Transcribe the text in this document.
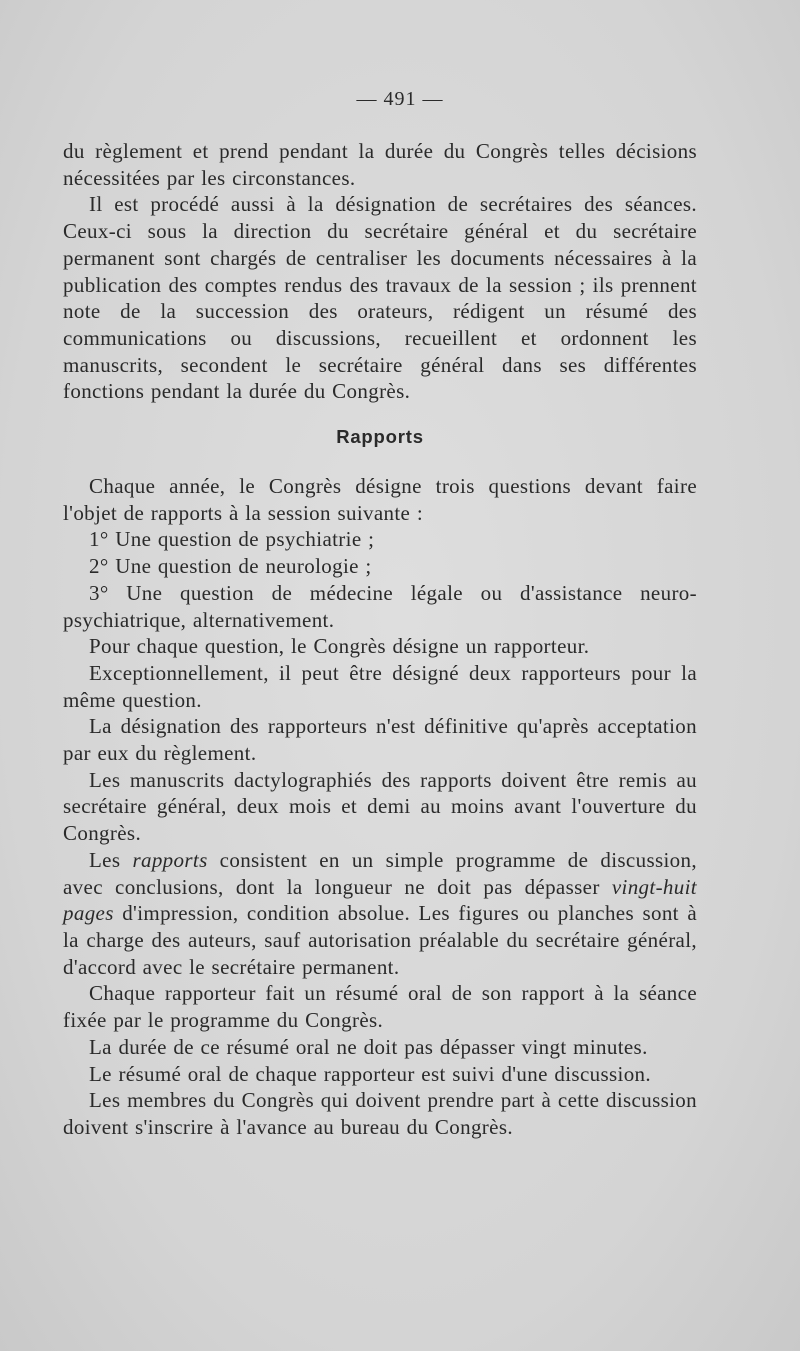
— 491 —

du règlement et prend pendant la durée du Congrès telles décisions nécessitées par les circonstances.

Il est procédé aussi à la désignation de secrétaires des séances. Ceux-ci sous la direction du secrétaire général et du secrétaire permanent sont chargés de centraliser les documents nécessaires à la publication des comptes rendus des travaux de la session ; ils prennent note de la succession des orateurs, rédigent un résumé des communications ou discussions, recueillent et ordonnent les manuscrits, secondent le secrétaire général dans ses différentes fonctions pendant la durée du Congrès.

Rapports

Chaque année, le Congrès désigne trois questions devant faire l'objet de rapports à la session suivante :

1° Une question de psychiatrie ;

2° Une question de neurologie ;

3° Une question de médecine légale ou d'assistance neuro-psychiatrique, alternativement.

Pour chaque question, le Congrès désigne un rapporteur.

Exceptionnellement, il peut être désigné deux rapporteurs pour la même question.

La désignation des rapporteurs n'est définitive qu'après acceptation par eux du règlement.

Les manuscrits dactylographiés des rapports doivent être remis au secrétaire général, deux mois et demi au moins avant l'ouverture du Congrès.

Les rapports consistent en un simple programme de discussion, avec conclusions, dont la longueur ne doit pas dépasser vingt-huit pages d'impression, condition absolue. Les figures ou planches sont à la charge des auteurs, sauf autorisation préalable du secrétaire général, d'accord avec le secrétaire permanent.

Chaque rapporteur fait un résumé oral de son rapport à la séance fixée par le programme du Congrès.

La durée de ce résumé oral ne doit pas dépasser vingt minutes.

Le résumé oral de chaque rapporteur est suivi d'une discussion.

Les membres du Congrès qui doivent prendre part à cette discussion doivent s'inscrire à l'avance au bureau du Congrès.
